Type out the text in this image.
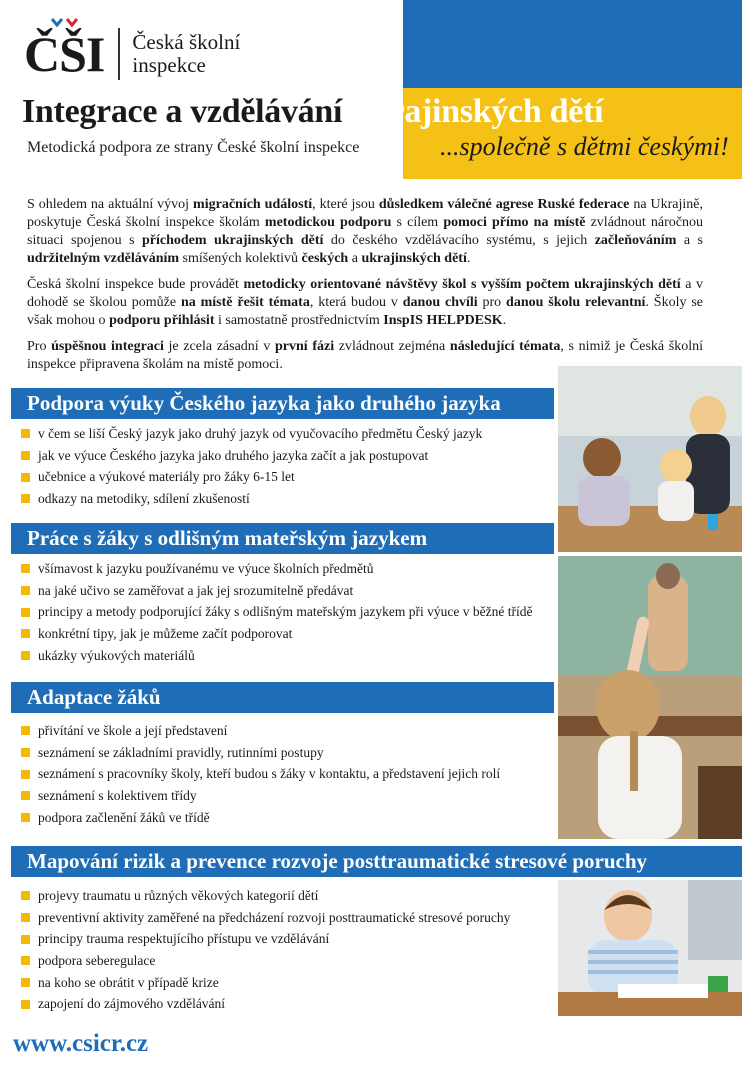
ČŠI Česká školní
inspekce
Integrace a vzdělávání ukrajinských dětí
Metodická podpora ze strany České školní inspekce	...společně s dětmi českými!

S ohledem na aktuální vývoj migračních událostí, které jsou důsledkem válečné agrese Ruské federace na Ukrajině, poskytuje Česká školní inspekce školám metodickou podporu s cílem pomoci přímo na místě zvládnout náročnou situaci spojenou s příchodem ukrajinských dětí do českého vzdělávacího systému, s jejich začleňováním a s udržitelným vzděláváním smíšených kolektivů českých a ukrajinských dětí.

Česká školní inspekce bude provádět metodicky orientované návštěvy škol s vyšším počtem ukrajinských dětí a v dohodě se školou pomůže na místě řešit témata, která budou v danou chvíli pro danou školu relevantní. Školy se však mohou o podporu přihlásit i samostatně prostřednictvím InspIS HELPDESK.

Pro úspěšnou integraci je zcela zásadní v první fázi zvládnout zejména následující témata, s nimiž je Česká školní inspekce připravena školám na místě pomoci.

Podpora výuky Českého jazyka jako druhého jazyka
v čem se liší Český jazyk jako druhý jazyk od vyučovacího předmětu Český jazyk
jak ve výuce Českého jazyka jako druhého jazyka začít a jak postupovat
učebnice a výukové materiály pro žáky 6-15 let
odkazy na metodiky, sdílení zkušeností
Práce s žáky s odlišným mateřským jazykem
všímavost k jazyku používanému ve výuce školních předmětů
na jaké učivo se zaměřovat a jak jej srozumitelně předávat
principy a metody podporující žáky s odlišným mateřským jazykem při výuce v běžné třídě
konkrétní tipy, jak je můžeme začít podporovat
ukázky výukových materiálů
Adaptace žáků
přivítání ve škole a její představení
seznámení se základními pravidly, rutinními postupy
seznámení s pracovníky školy, kteří budou s žáky v kontaktu, a představení jejich rolí
seznámení s kolektivem třídy
podpora začlenění žáků ve třídě
Mapování rizik a prevence rozvoje posttraumatické stresové poruchy
projevy traumatu u různých věkových kategorií dětí
preventivní aktivity zaměřené na předcházení rozvoji posttraumatické stresové poruchy
principy trauma respektujícího přístupu ve vzdělávání
podpora seberegulace
na koho se obrátit v případě krize
zapojení do zájmového vzdělávání
www.csicr.cz
